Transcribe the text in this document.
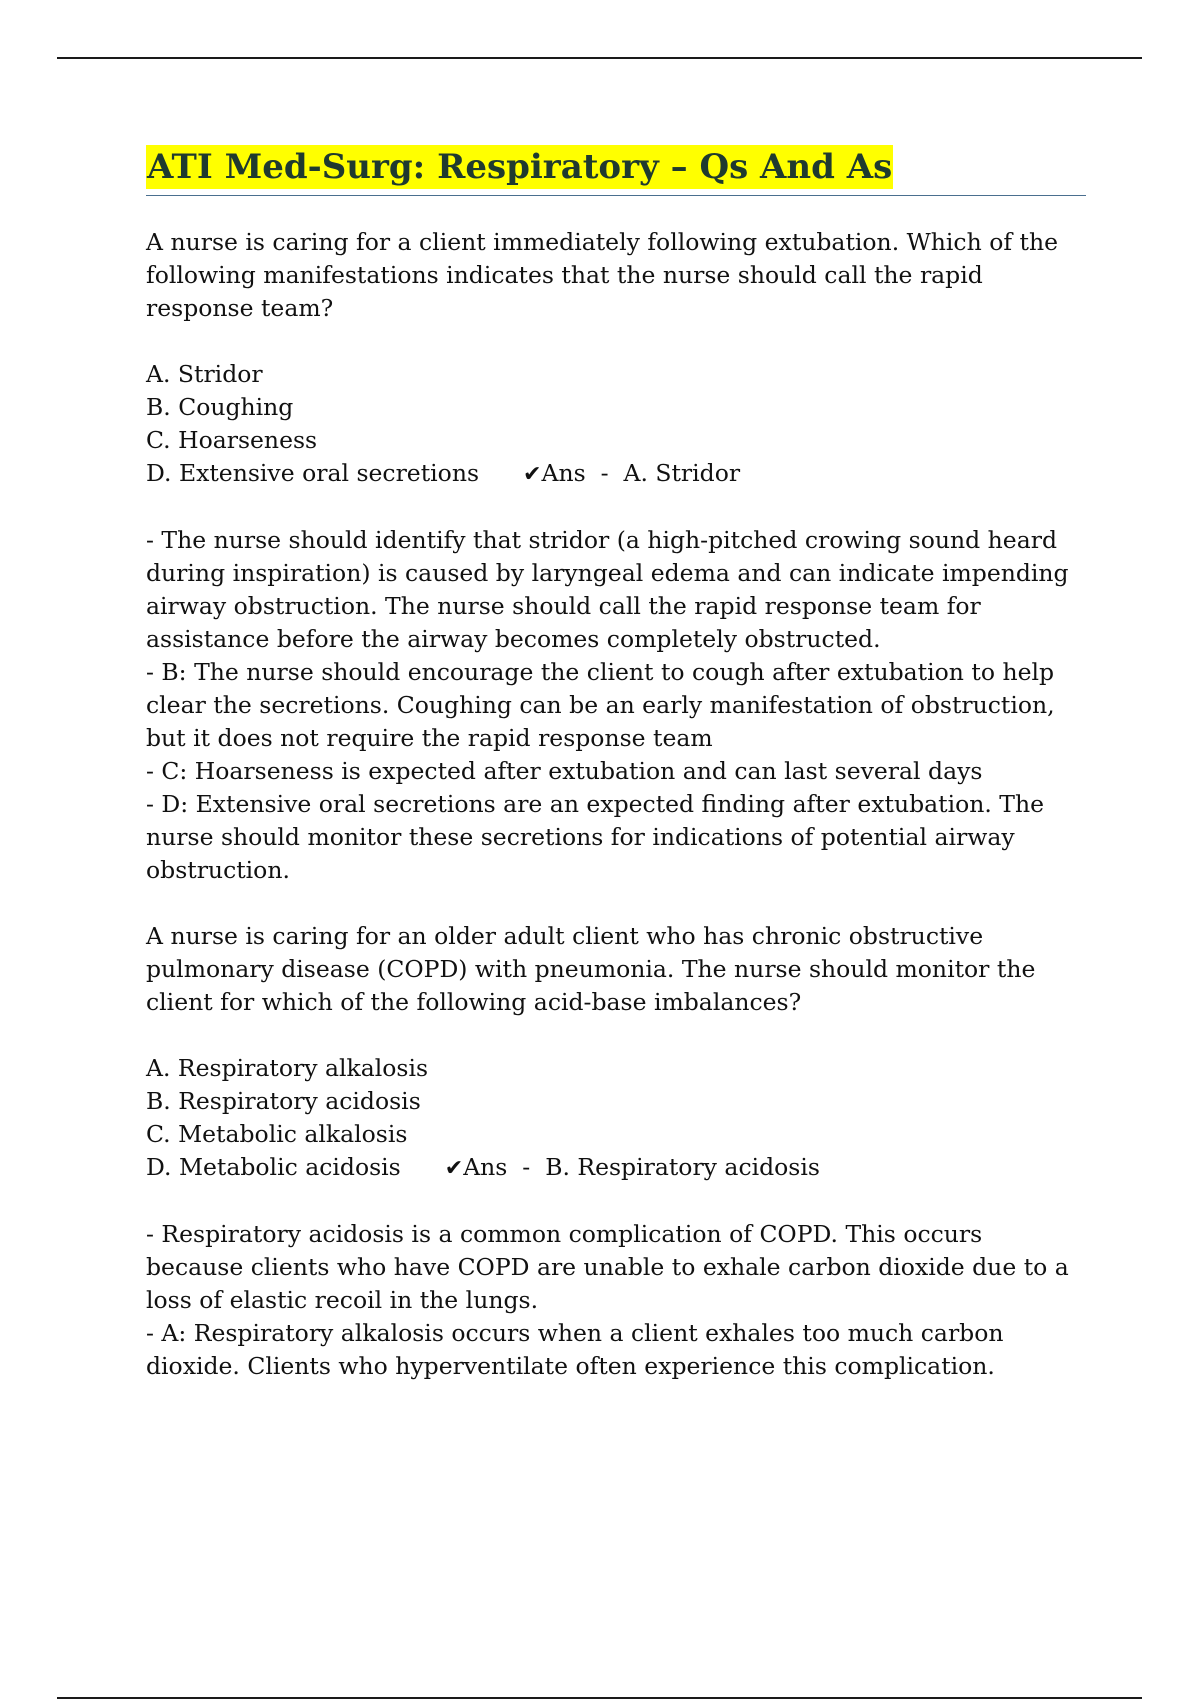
ATI Med-Surg: Respiratory – Qs And As

A nurse is caring for a client immediately following extubation. Which of the following manifestations indicates that the nurse should call the rapid response team?

A. Stridor
B. Coughing
C. Hoarseness
D. Extensive oral secretions ✔Ans  -  A. Stridor

- The nurse should identify that stridor (a high-pitched crowing sound heard during inspiration) is caused by laryngeal edema and can indicate impending airway obstruction. The nurse should call the rapid response team for assistance before the airway becomes completely obstructed.

- B: The nurse should encourage the client to cough after extubation to help clear the secretions. Coughing can be an early manifestation of obstruction, but it does not require the rapid response team

- C: Hoarseness is expected after extubation and can last several days

- D: Extensive oral secretions are an expected finding after extubation. The nurse should monitor these secretions for indications of potential airway obstruction.

A nurse is caring for an older adult client who has chronic obstructive pulmonary disease (COPD) with pneumonia. The nurse should monitor the client for which of the following acid-base imbalances?

A. Respiratory alkalosis
B. Respiratory acidosis
C. Metabolic alkalosis
D. Metabolic acidosis ✔Ans  -  B. Respiratory acidosis

- Respiratory acidosis is a common complication of COPD. This occurs because clients who have COPD are unable to exhale carbon dioxide due to a loss of elastic recoil in the lungs.

- A: Respiratory alkalosis occurs when a client exhales too much carbon dioxide. Clients who hyperventilate often experience this complication.
